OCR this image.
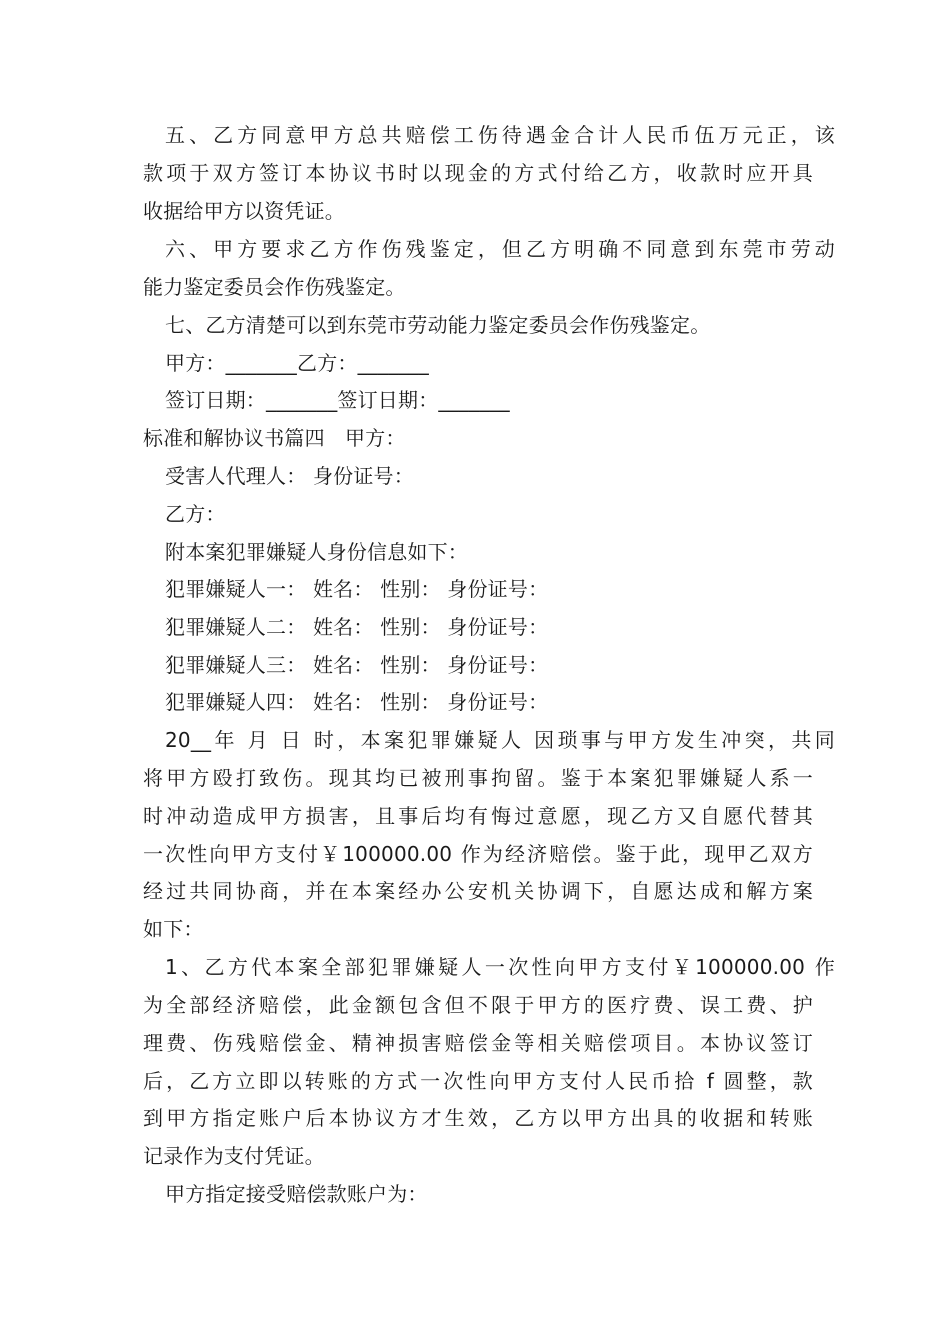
五、乙方同意甲方总共赔偿工伤待遇金合计人民币伍万元正，该
款项于双方签订本协议书时以现金的方式付给乙方，收款时应开具
收据给甲方以资凭证。
六、甲方要求乙方作伤残鉴定，但乙方明确不同意到东莞市劳动
能力鉴定委员会作伤残鉴定。
七、乙方清楚可以到东莞市劳动能力鉴定委员会作伤残鉴定。
甲方：_______乙方：_______
签订日期：_______签订日期：_______
标准和解协议书篇四　甲方：
受害人代理人： 身份证号：
乙方：
附本案犯罪嫌疑人身份信息如下：
犯罪嫌疑人一： 姓名： 性别： 身份证号：
犯罪嫌疑人二： 姓名： 性别： 身份证号：
犯罪嫌疑人三： 姓名： 性别： 身份证号：
犯罪嫌疑人四： 姓名： 性别： 身份证号：
20__年 月 日 时，本案犯罪嫌疑人 因琐事与甲方发生冲突，共同
将甲方殴打致伤。现其均已被刑事拘留。鉴于本案犯罪嫌疑人系一
时冲动造成甲方损害，且事后均有悔过意愿，现乙方又自愿代替其
一次性向甲方支付￥100000.00 作为经济赔偿。鉴于此，现甲乙双方
经过共同协商，并在本案经办公安机关协调下，自愿达成和解方案
如下：
1、乙方代本案全部犯罪嫌疑人一次性向甲方支付￥100000.00 作
为全部经济赔偿，此金额包含但不限于甲方的医疗费、误工费、护
理费、伤残赔偿金、精神损害赔偿金等相关赔偿项目。本协议签订
后，乙方立即以转账的方式一次性向甲方支付人民币拾 f 圆整，款
到甲方指定账户后本协议方才生效，乙方以甲方出具的收据和转账
记录作为支付凭证。
甲方指定接受赔偿款账户为：
